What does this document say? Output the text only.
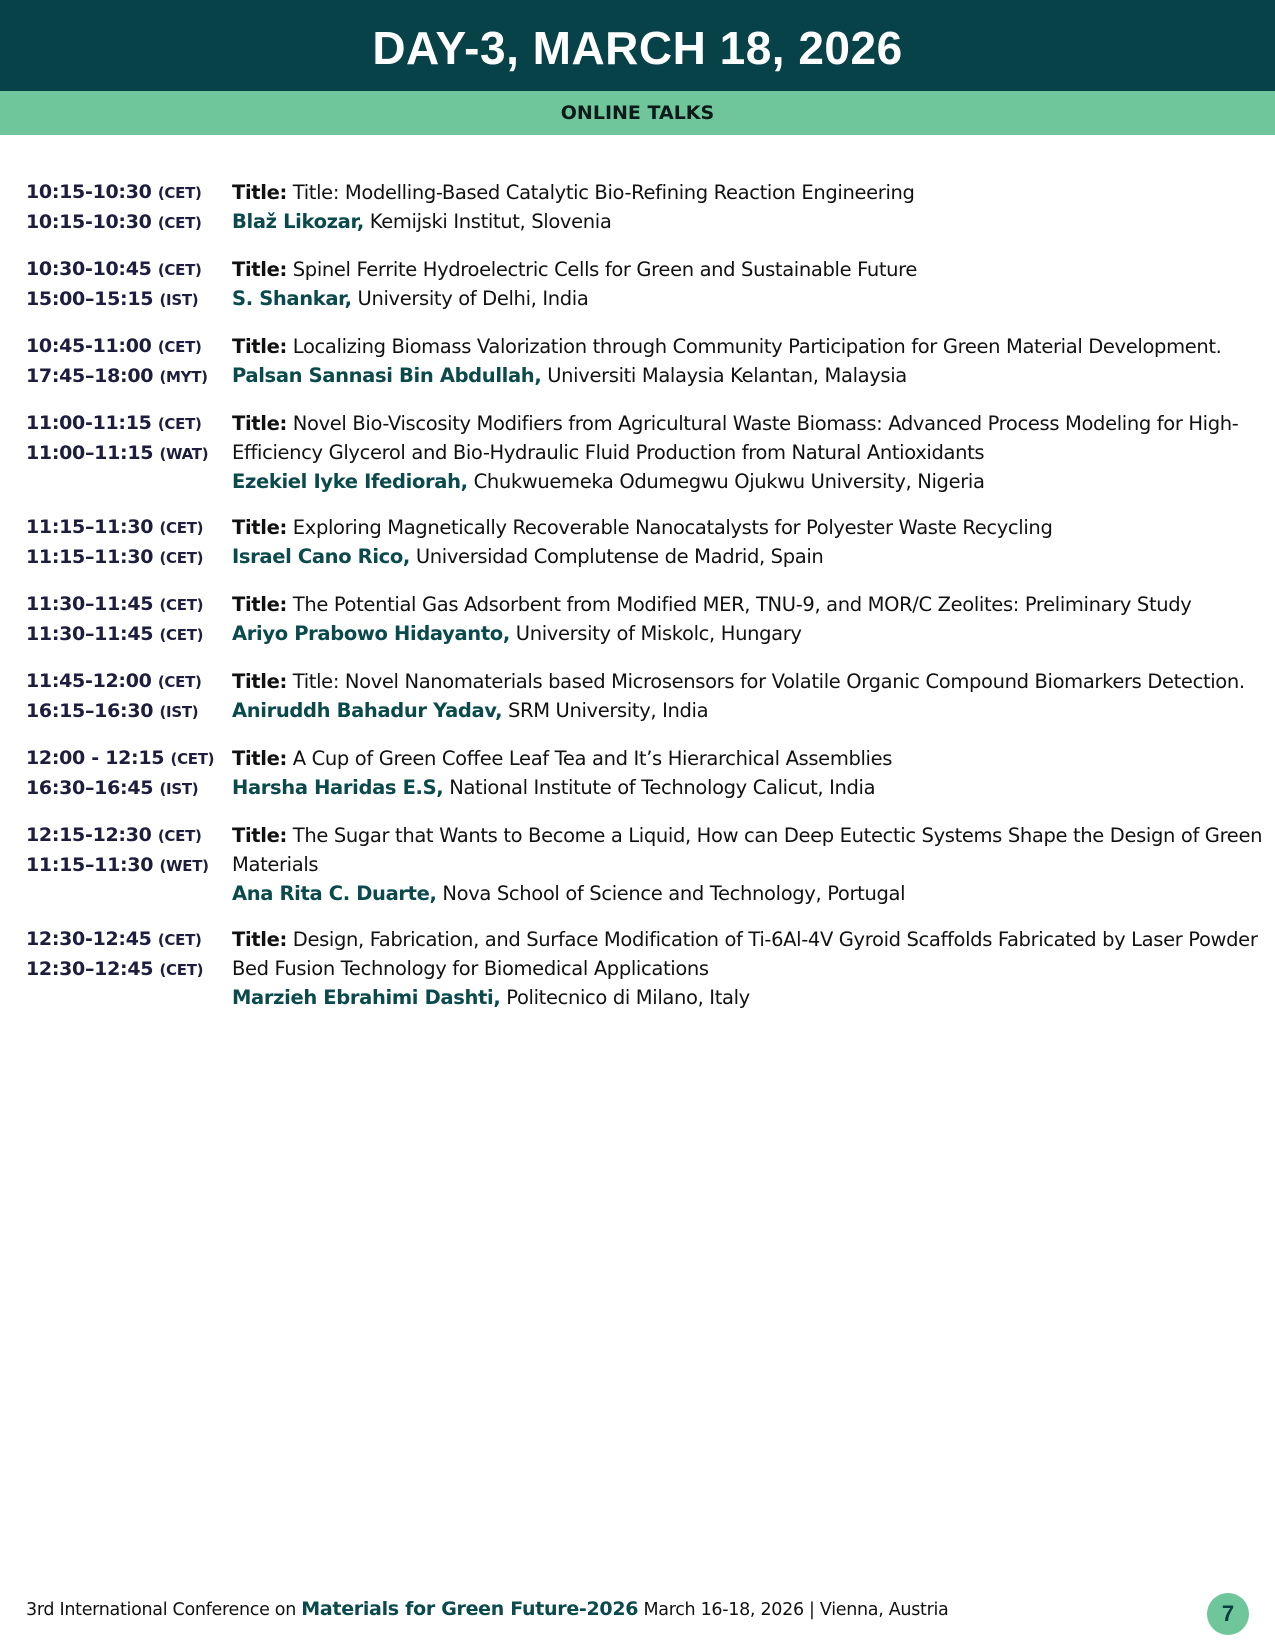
DAY-3, MARCH 18, 2026
ONLINE TALKS
10:15-10:30 (CET)
10:15-10:30 (CET)
Title: Title: Modelling-Based Catalytic Bio-Refining Reaction Engineering
Blaž Likozar, Kemijski Institut, Slovenia
10:30-10:45 (CET)
15:00–15:15 (IST)
Title: Spinel Ferrite Hydroelectric Cells for Green and Sustainable Future
S. Shankar, University of Delhi, India
10:45-11:00 (CET)
17:45–18:00 (MYT)
Title: Localizing Biomass Valorization through Community Participation for Green Material Development.
Palsan Sannasi Bin Abdullah, Universiti Malaysia Kelantan, Malaysia
11:00-11:15 (CET)
11:00–11:15 (WAT)
Title: Novel Bio-Viscosity Modifiers from Agricultural Waste Biomass: Advanced Process Modeling for High-Efficiency Glycerol and Bio-Hydraulic Fluid Production from Natural Antioxidants
Ezekiel Iyke Ifediorah, Chukwuemeka Odumegwu Ojukwu University, Nigeria
11:15–11:30 (CET)
11:15–11:30 (CET)
Title: Exploring Magnetically Recoverable Nanocatalysts for Polyester Waste Recycling
Israel Cano Rico, Universidad Complutense de Madrid, Spain
11:30–11:45 (CET)
11:30–11:45 (CET)
Title: The Potential Gas Adsorbent from Modified MER, TNU-9, and MOR/C Zeolites: Preliminary Study
Ariyo Prabowo Hidayanto, University of Miskolc, Hungary
11:45-12:00 (CET)
16:15–16:30 (IST)
Title: Title: Novel Nanomaterials based Microsensors for Volatile Organic Compound Biomarkers Detection.
Aniruddh Bahadur Yadav, SRM University, India
12:00 - 12:15 (CET)
16:30–16:45 (IST)
Title: A Cup of Green Coffee Leaf Tea and It’s Hierarchical Assemblies
Harsha Haridas E.S, National Institute of Technology Calicut, India
12:15-12:30 (CET)
11:15–11:30 (WET)
Title: The Sugar that Wants to Become a Liquid, How can Deep Eutectic Systems Shape the Design of Green Materials
Ana Rita C. Duarte, Nova School of Science and Technology, Portugal
12:30-12:45 (CET)
12:30–12:45 (CET)
Title: Design, Fabrication, and Surface Modification of Ti-6Al-4V Gyroid Scaffolds Fabricated by Laser Powder Bed Fusion Technology for Biomedical Applications
Marzieh Ebrahimi Dashti, Politecnico di Milano, Italy
3rd International Conference on Materials for Green Future-2026 March 16-18, 2026 | Vienna, Austria	7
